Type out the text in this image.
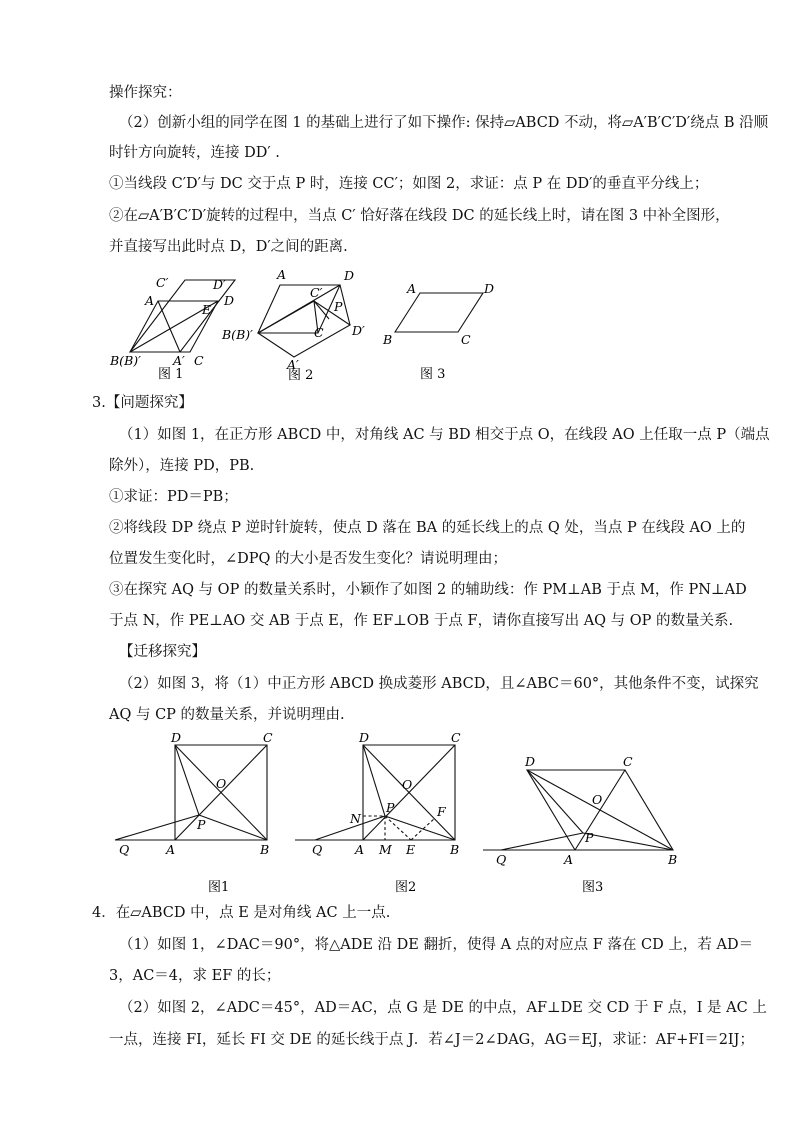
操作探究：
（2）创新小组的同学在图 1 的基础上进行了如下操作: 保持▱ABCD 不动，将▱A′B′C′D′绕点 B 沿顺
时针方向旋转，连接 DD′ .
①当线段 C′D′与 DC 交于点 P 时，连接 CC′；如图 2，求证：点 P 在 DD′的垂直平分线上；
②在▱A′B′C′D′旋转的过程中，当点 C′ 恰好落在线段 DC 的延长线上时，请在图 3 中补全图形，
并直接写出此时点 D，D′之间的距离.
C′	D′
A
E
D
B(B)′	A′ C
图 1
A	D
C′
P
B(B)′	C D′
A′
图 2
A	D
B	C
图 3
3.【问题探究】
（1）如图 1，在正方形 ABCD 中，对角线 AC 与 BD 相交于点 O，在线段 AO 上任取一点 P（端点
除外），连接 PD，PB.
①求证：PD＝PB；
②将线段 DP 绕点 P 逆时针旋转，使点 D 落在 BA 的延长线上的点 Q 处，当点 P 在线段 AO 上的
位置发生变化时，∠DPQ 的大小是否发生变化？请说明理由；
③在探究 AQ 与 OP 的数量关系时，小颖作了如图 2 的辅助线：作 PM⊥AB 于点 M，作 PN⊥AD
于点 N，作 PE⊥AO 交 AB 于点 E，作 EF⊥OB 于点 F，请你直接写出 AQ 与 OP 的数量关系.
【迁移探究】
（2）如图 3，将（1）中正方形 ABCD 换成菱形 ABCD，且∠ABC＝60°，其他条件不变，试探究
AQ 与 CP 的数量关系，并说明理由.
D	C
O
P
Q	A	B
图1
D	C
O
P
N	F
Q	A M E	B
图2
D	C
O
P
Q	A	B
图3
4．在▱ABCD 中，点 E 是对角线 AC 上一点.
（1）如图 1，∠DAC＝90°，将△ADE 沿 DE 翻折，使得 A 点的对应点 F 落在 CD 上，若 AD＝
3，AC＝4，求 EF 的长；
（2）如图 2，∠ADC＝45°，AD＝AC，点 G 是 DE 的中点，AF⊥DE 交 CD 于 F 点，I 是 AC 上
一点，连接 FI，延长 FI 交 DE 的延长线于点 J．若∠J＝2∠DAG，AG＝EJ，求证：AF+FI＝2IJ；
